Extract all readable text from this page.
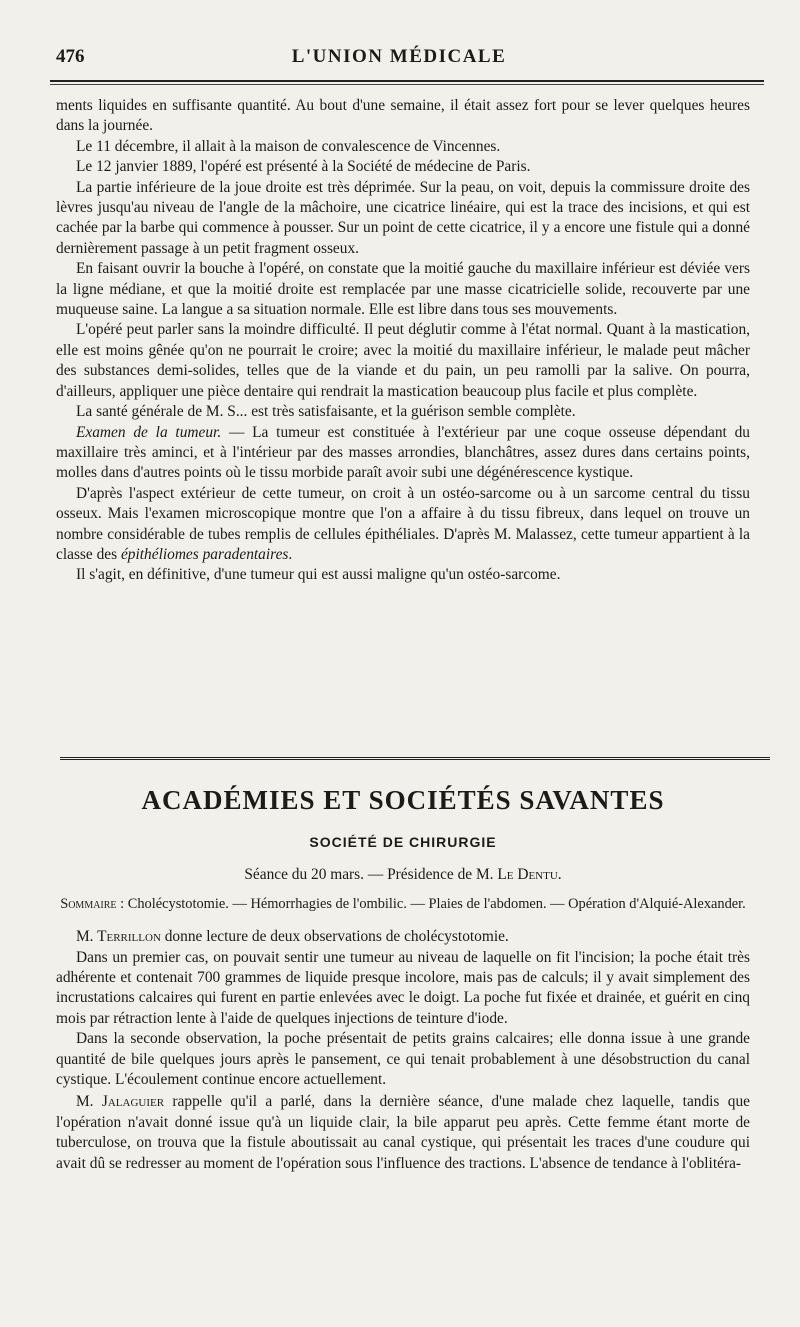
476	L'UNION MÉDICALE

ments liquides en suffisante quantité. Au bout d'une semaine, il était assez fort pour se lever quelques heures dans la journée.

Le 11 décembre, il allait à la maison de convalescence de Vincennes.

Le 12 janvier 1889, l'opéré est présenté à la Société de médecine de Paris.

La partie inférieure de la joue droite est très déprimée. Sur la peau, on voit, depuis la commissure droite des lèvres jusqu'au niveau de l'angle de la mâchoire, une cicatrice linéaire, qui est la trace des incisions, et qui est cachée par la barbe qui commence à pousser. Sur un point de cette cicatrice, il y a encore une fistule qui a donné dernièrement passage à un petit fragment osseux.

En faisant ouvrir la bouche à l'opéré, on constate que la moitié gauche du maxillaire inférieur est déviée vers la ligne médiane, et que la moitié droite est remplacée par une masse cicatricielle solide, recouverte par une muqueuse saine. La langue a sa situation normale. Elle est libre dans tous ses mouvements.

L'opéré peut parler sans la moindre difficulté. Il peut déglutir comme à l'état normal. Quant à la mastication, elle est moins gênée qu'on ne pourrait le croire; avec la moitié du maxillaire inférieur, le malade peut mâcher des substances demi-solides, telles que de la viande et du pain, un peu ramolli par la salive. On pourra, d'ailleurs, appliquer une pièce dentaire qui rendrait la mastication beaucoup plus facile et plus complète.

La santé générale de M. S... est très satisfaisante, et la guérison semble complète.

Examen de la tumeur. — La tumeur est constituée à l'extérieur par une coque osseuse dépendant du maxillaire très aminci, et à l'intérieur par des masses arrondies, blanchâtres, assez dures dans certains points, molles dans d'autres points où le tissu morbide paraît avoir subi une dégénérescence kystique.

D'après l'aspect extérieur de cette tumeur, on croit à un ostéo-sarcome ou à un sarcome central du tissu osseux. Mais l'examen microscopique montre que l'on a affaire à du tissu fibreux, dans lequel on trouve un nombre considérable de tubes remplis de cellules épithéliales. D'après M. Malassez, cette tumeur appartient à la classe des épithéliomes paradentaires.

Il s'agit, en définitive, d'une tumeur qui est aussi maligne qu'un ostéo-sarcome.

ACADÉMIES ET SOCIÉTÉS SAVANTES
SOCIÉTÉ DE CHIRURGIE
Séance du 20 mars. — Présidence de M. Le Dentu.
Sommaire : Cholécystotomie. — Hémorrhagies de l'ombilic. — Plaies de l'abdomen. — Opération d'Alquié-Alexander.

M. Terrillon donne lecture de deux observations de cholécystotomie.

Dans un premier cas, on pouvait sentir une tumeur au niveau de laquelle on fit l'incision; la poche était très adhérente et contenait 700 grammes de liquide presque incolore, mais pas de calculs; il y avait simplement des incrustations calcaires qui furent en partie enlevées avec le doigt. La poche fut fixée et drainée, et guérit en cinq mois par rétraction lente à l'aide de quelques injections de teinture d'iode.

Dans la seconde observation, la poche présentait de petits grains calcaires; elle donna issue à une grande quantité de bile quelques jours après le pansement, ce qui tenait probablement à une désobstruction du canal cystique. L'écoulement continue encore actuellement.

M. Jalaguier rappelle qu'il a parlé, dans la dernière séance, d'une malade chez laquelle, tandis que l'opération n'avait donné issue qu'à un liquide clair, la bile apparut peu après. Cette femme étant morte de tuberculose, on trouva que la fistule aboutissait au canal cystique, qui présentait les traces d'une coudure qui avait dû se redresser au moment de l'opération sous l'influence des tractions. L'absence de tendance à l'oblitéra-
